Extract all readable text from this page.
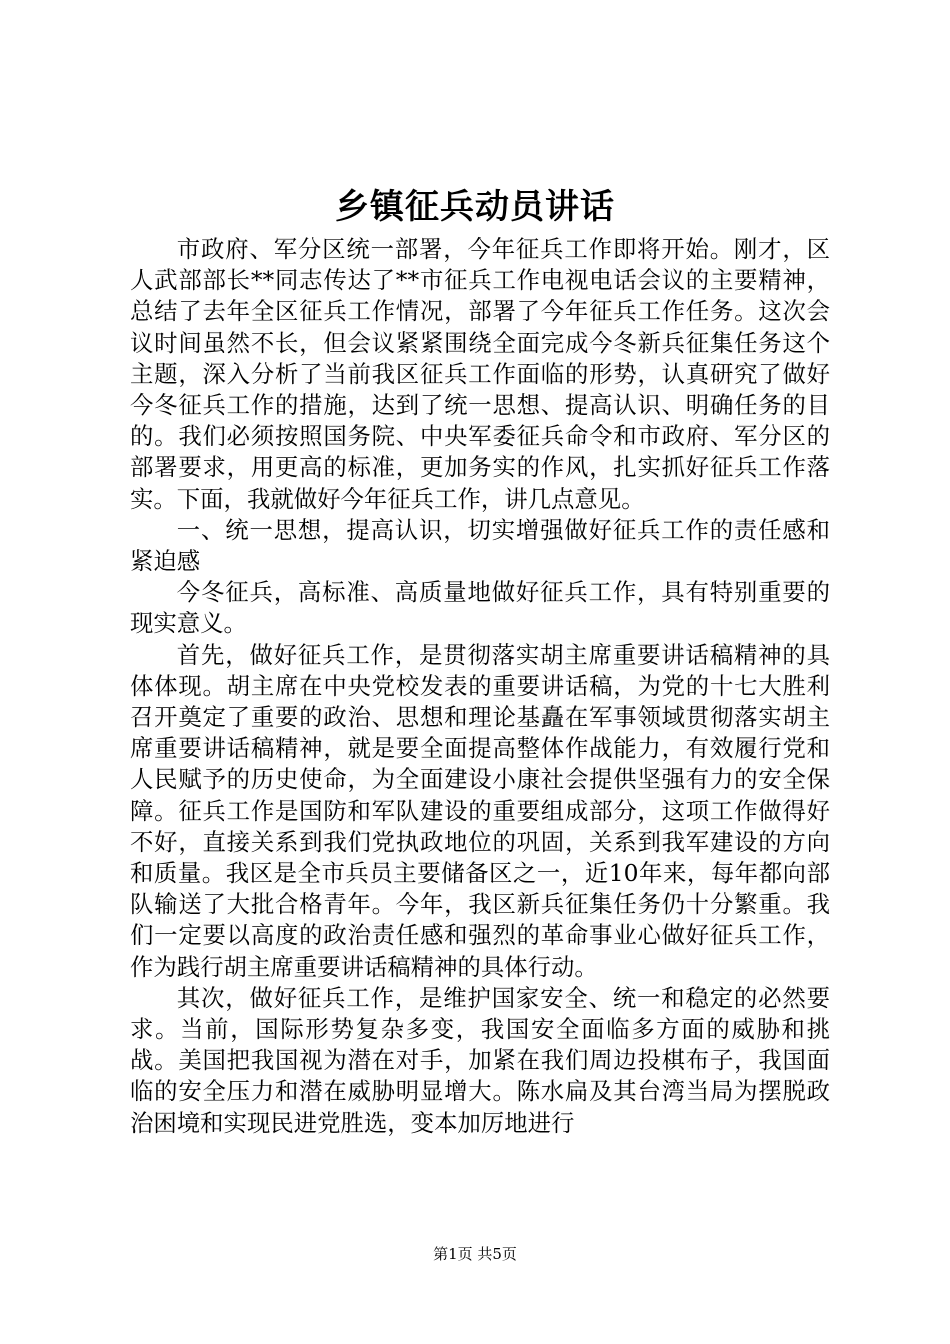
乡镇征兵动员讲话

市政府、军分区统一部署，今年征兵工作即将开始。刚才，区人武部部长**同志传达了**市征兵工作电视电话会议的主要精神，总结了去年全区征兵工作情况，部署了今年征兵工作任务。这次会议时间虽然不长，但会议紧紧围绕全面完成今冬新兵征集任务这个主题，深入分析了当前我区征兵工作面临的形势，认真研究了做好今冬征兵工作的措施，达到了统一思想、提高认识、明确任务的目的。我们必须按照国务院、中央军委征兵命令和市政府、军分区的部署要求，用更高的标准，更加务实的作风，扎实抓好征兵工作落实。下面，我就做好今年征兵工作，讲几点意见。

一、统一思想，提高认识，切实增强做好征兵工作的责任感和紧迫感

今冬征兵，高标准、高质量地做好征兵工作，具有特别重要的现实意义。

首先，做好征兵工作，是贯彻落实胡主席重要讲话稿精神的具体体现。胡主席在中央党校发表的重要讲话稿，为党的十七大胜利召开奠定了重要的政治、思想和理论基矗在军事领域贯彻落实胡主席重要讲话稿精神，就是要全面提高整体作战能力，有效履行党和人民赋予的历史使命，为全面建设小康社会提供坚强有力的安全保障。征兵工作是国防和军队建设的重要组成部分，这项工作做得好不好，直接关系到我们党执政地位的巩固，关系到我军建设的方向和质量。我区是全市兵员主要储备区之一，近10年来，每年都向部队输送了大批合格青年。今年，我区新兵征集任务仍十分繁重。我们一定要以高度的政治责任感和强烈的革命事业心做好征兵工作，作为践行胡主席重要讲话稿精神的具体行动。

其次，做好征兵工作，是维护国家安全、统一和稳定的必然要求。当前，国际形势复杂多变，我国安全面临多方面的威胁和挑战。美国把我国视为潜在对手，加紧在我们周边投棋布子，我国面临的安全压力和潜在威胁明显增大。陈水扁及其台湾当局为摆脱政治困境和实现民进党胜选，变本加厉地进行

第1页 共5页
